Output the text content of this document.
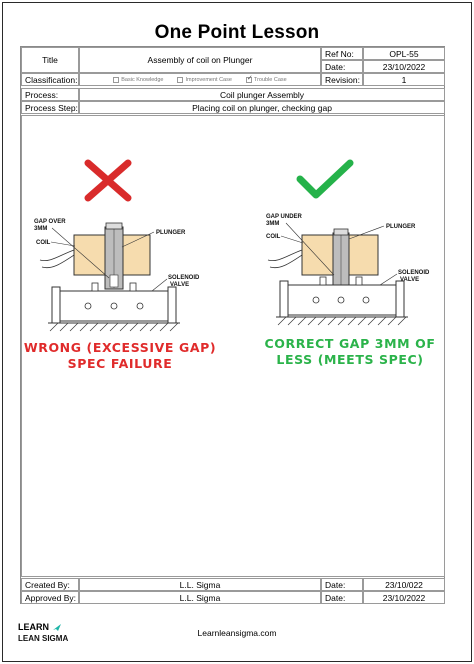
One Point Lesson
Title	Assembly of coil on Plunger
Ref No:	OPL-55
Date:	23/10/2022
Classification:	Basic Knowledge	Improvement Case
✓	Trouble Case	Revision:	1
Process:	Coil plunger Assembly
Process Step:	Placing coil on plunger, checking gap
Created By:	L.L. Sigma	Date:	23/10/022
Approved By:	L.L. Sigma	Date:	23/10/2022
GAP OVER
3MM
COIL
PLUNGER
SOLENOID
VALVE
GAP UNDER
3MM
COIL
PLUNGER
SOLENOID
VALVE
WRONG (EXCESSIVE GAP)
SPEC FAILURE
CORRECT GAP 3MM OF
LESS (MEETS SPEC)
LEARN
LEAN SIGMA
Learnleansigma.com
